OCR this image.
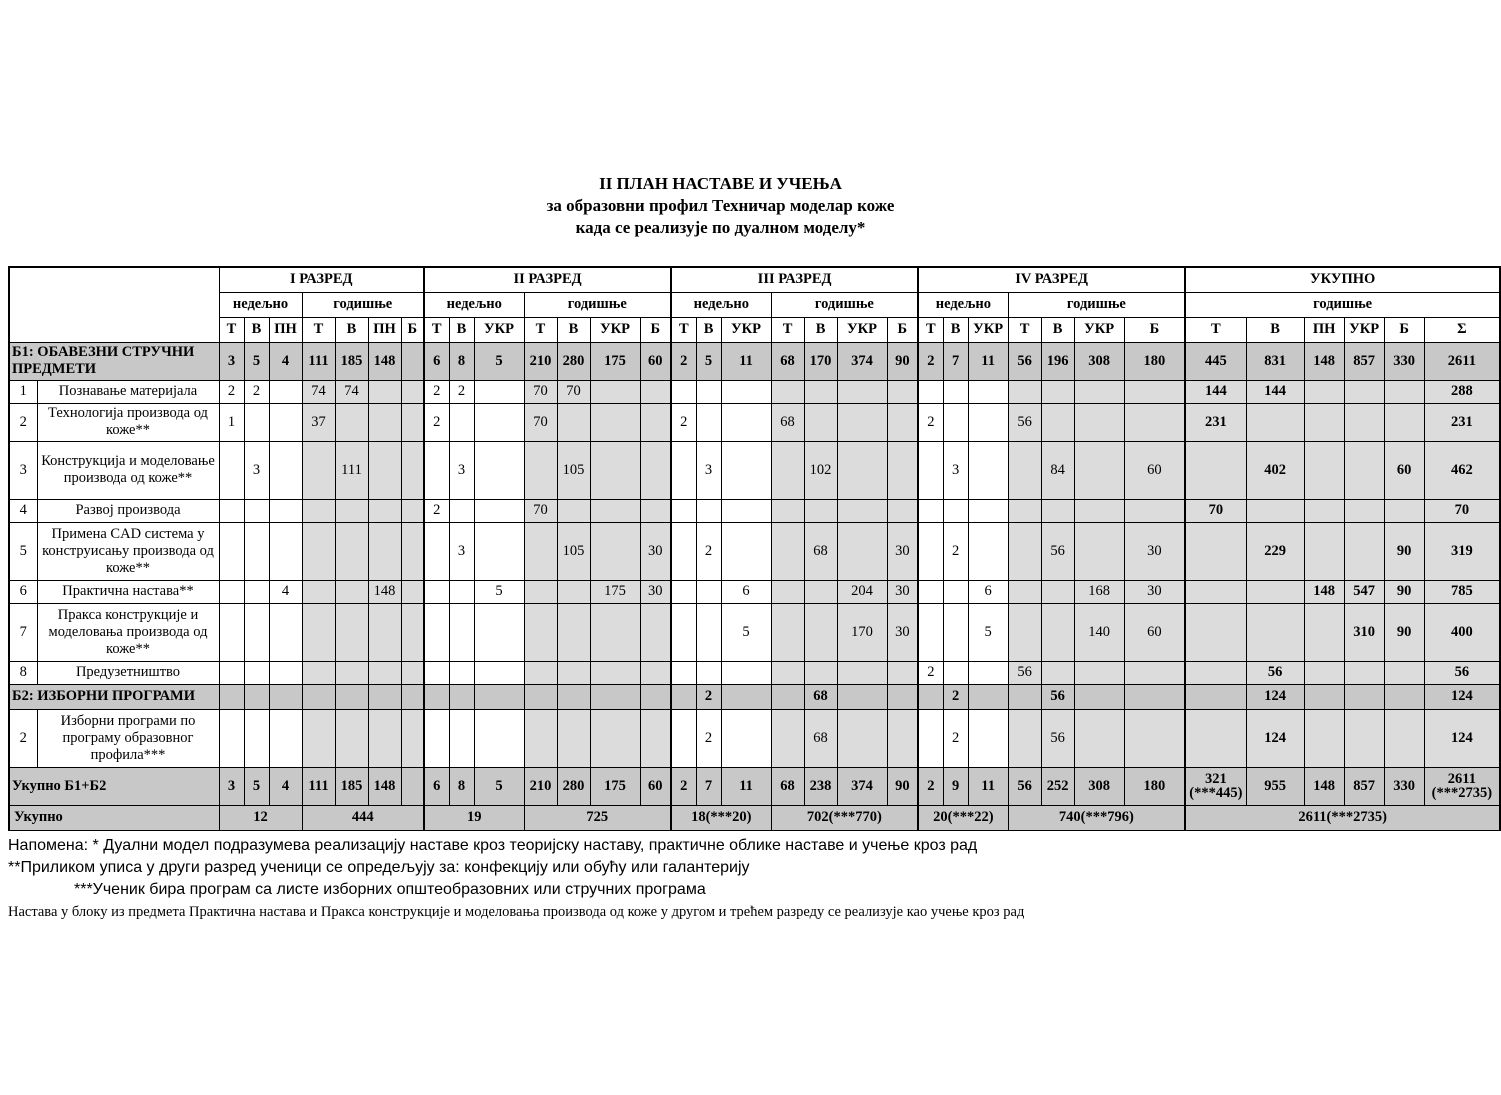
II ПЛАН НАСТАВЕ И УЧЕЊА
за образовни профил Техничар моделар коже
када се реализује по дуалном моделу*
		I РАЗРЕД							II РАЗРЕД							III РАЗРЕД							IV РАЗРЕД							УКУПНО					
		недељно			годишње				недељно			годишње				недељно			годишње				недељно			годишње				годишње					
		Т	В	ПН	Т	В	ПН	Б	Т	В	УКР	Т	В	УКР	Б	Т	В	УКР	Т	В	УКР	Б	Т	В	УКР	Т	В	УКР	Б	Т	В	ПН	УКР	Б	Σ
Б1: ОБАВЕЗНИ СТРУЧНИ ПРЕДМЕТИ		3	5	4	111	185	148		6	8	5	210	280	175	60	2	5	11	68	170	374	90	2	7	11	56	196	308	180	445	831	148	857	330	2611
1	Познавање материјала	2	2		74	74			2	2		70	70																	144	144				288
2	Технологија производа од коже**	1			37				2			70				2			68				2			56				231					231
3	Конструкција и моделовање производа од коже**		3			111				3			105				3			102				3			84		60		402			60	462
4	Развој производа								2			70																		70					70
5	Примена CAD система у конструисању производа од коже**									3			105		30		2			68		30		2			56		30		229			90	319
6	Практична настава**			4			148				5			175	30			6			204	30			6			168	30			148	547	90	785
7	Пракса конструкције и моделовања производа од коже**																	5			170	30			5			140	60				310	90	400
8	Предузетништво																						2			56					56				56
Б2: ИЗБОРНИ ПРОГРАМИ																	2			68				2			56				124				124
2	Изборни програми по програму образовног профила***																2			68				2			56				124				124
Укупно Б1+Б2		3	5	4	111	185	148		6	8	5	210	280	175	60	2	7	11	68	238	374	90	2	9	11	56	252	308	180	321 (***445)	955	148	857	330	2611 (***2735)
Укупно		12			444				19			725				18(***20)			702(***770)				20(***22)			740(***796)				2611(***2735)					
Напомена: * Дуални модел подразумева реализацију наставе кроз теоријску наставу, практичне облике наставе и учење кроз рад
**Приликом уписа у други разред ученици се опредељују за: конфекцију или обућу или галантерију
***Ученик бира програм са листе изборних општеобразовних или стручних програма
Настава у блоку из предмета Практична настава и Пракса конструкције и моделовања производа од коже у другом и трећем разреду се реализује као учење кроз рад
